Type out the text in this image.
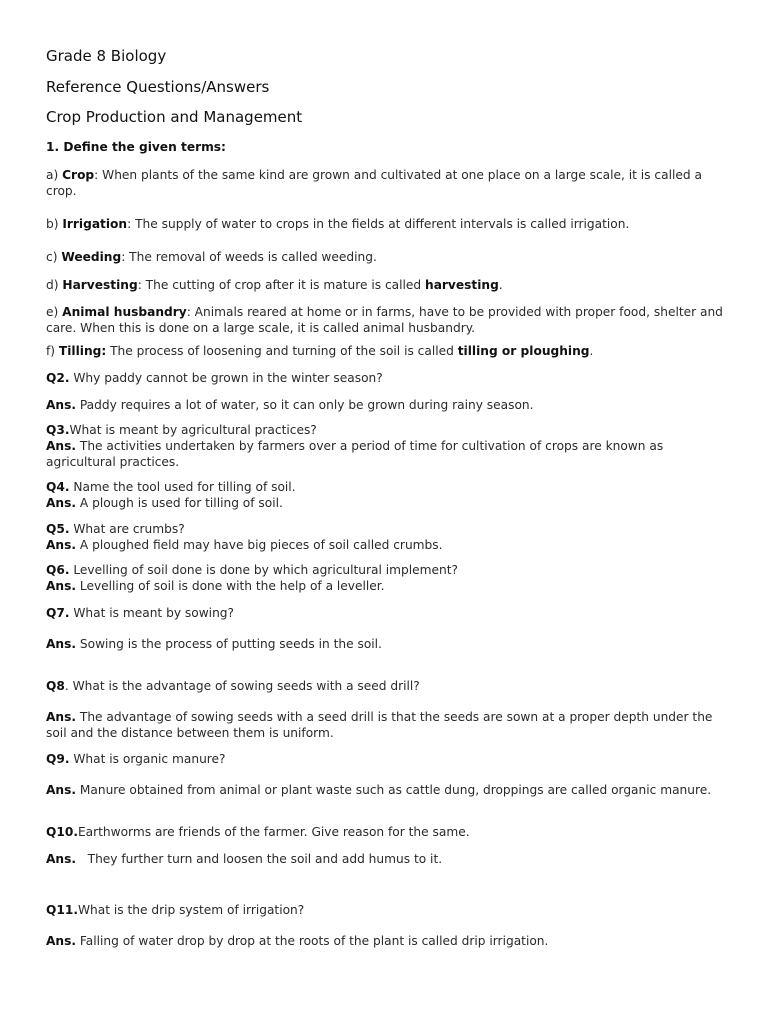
Grade 8 Biology
Reference Questions/Answers
Crop Production and Management
1. Define the given terms:
a) Crop: When plants of the same kind are grown and cultivated at one place on a large scale, it is called a crop.
b) Irrigation: The supply of water to crops in the fields at different intervals is called irrigation.
c) Weeding: The removal of weeds is called weeding.
d) Harvesting: The cutting of crop after it is mature is called harvesting.
e) Animal husbandry: Animals reared at home or in farms, have to be provided with proper food, shelter and care. When this is done on a large scale, it is called animal husbandry.
f) Tilling: The process of loosening and turning of the soil is called tilling or ploughing.
Q2. Why paddy cannot be grown in the winter season?
Ans. Paddy requires a lot of water, so it can only be grown during rainy season.
Q3.What is meant by agricultural practices?
Ans. The activities undertaken by farmers over a period of time for cultivation of crops are known as agricultural practices.
Q4. Name the tool used for tilling of soil.
Ans. A plough is used for tilling of soil.
Q5. What are crumbs?
Ans. A ploughed field may have big pieces of soil called crumbs.
Q6. Levelling of soil done is done by which agricultural implement?
Ans. Levelling of soil is done with the help of a leveller.
Q7. What is meant by sowing?
Ans. Sowing is the process of putting seeds in the soil.
Q8. What is the advantage of sowing seeds with a seed drill?
Ans. The advantage of sowing seeds with a seed drill is that the seeds are sown at a proper depth under the soil and the distance between them is uniform.
Q9. What is organic manure?
Ans. Manure obtained from animal or plant waste such as cattle dung, droppings are called organic manure.
Q10.Earthworms are friends of the farmer. Give reason for the same.
Ans.   They further turn and loosen the soil and add humus to it.
Q11.What is the drip system of irrigation?
Ans. Falling of water drop by drop at the roots of the plant is called drip irrigation.
